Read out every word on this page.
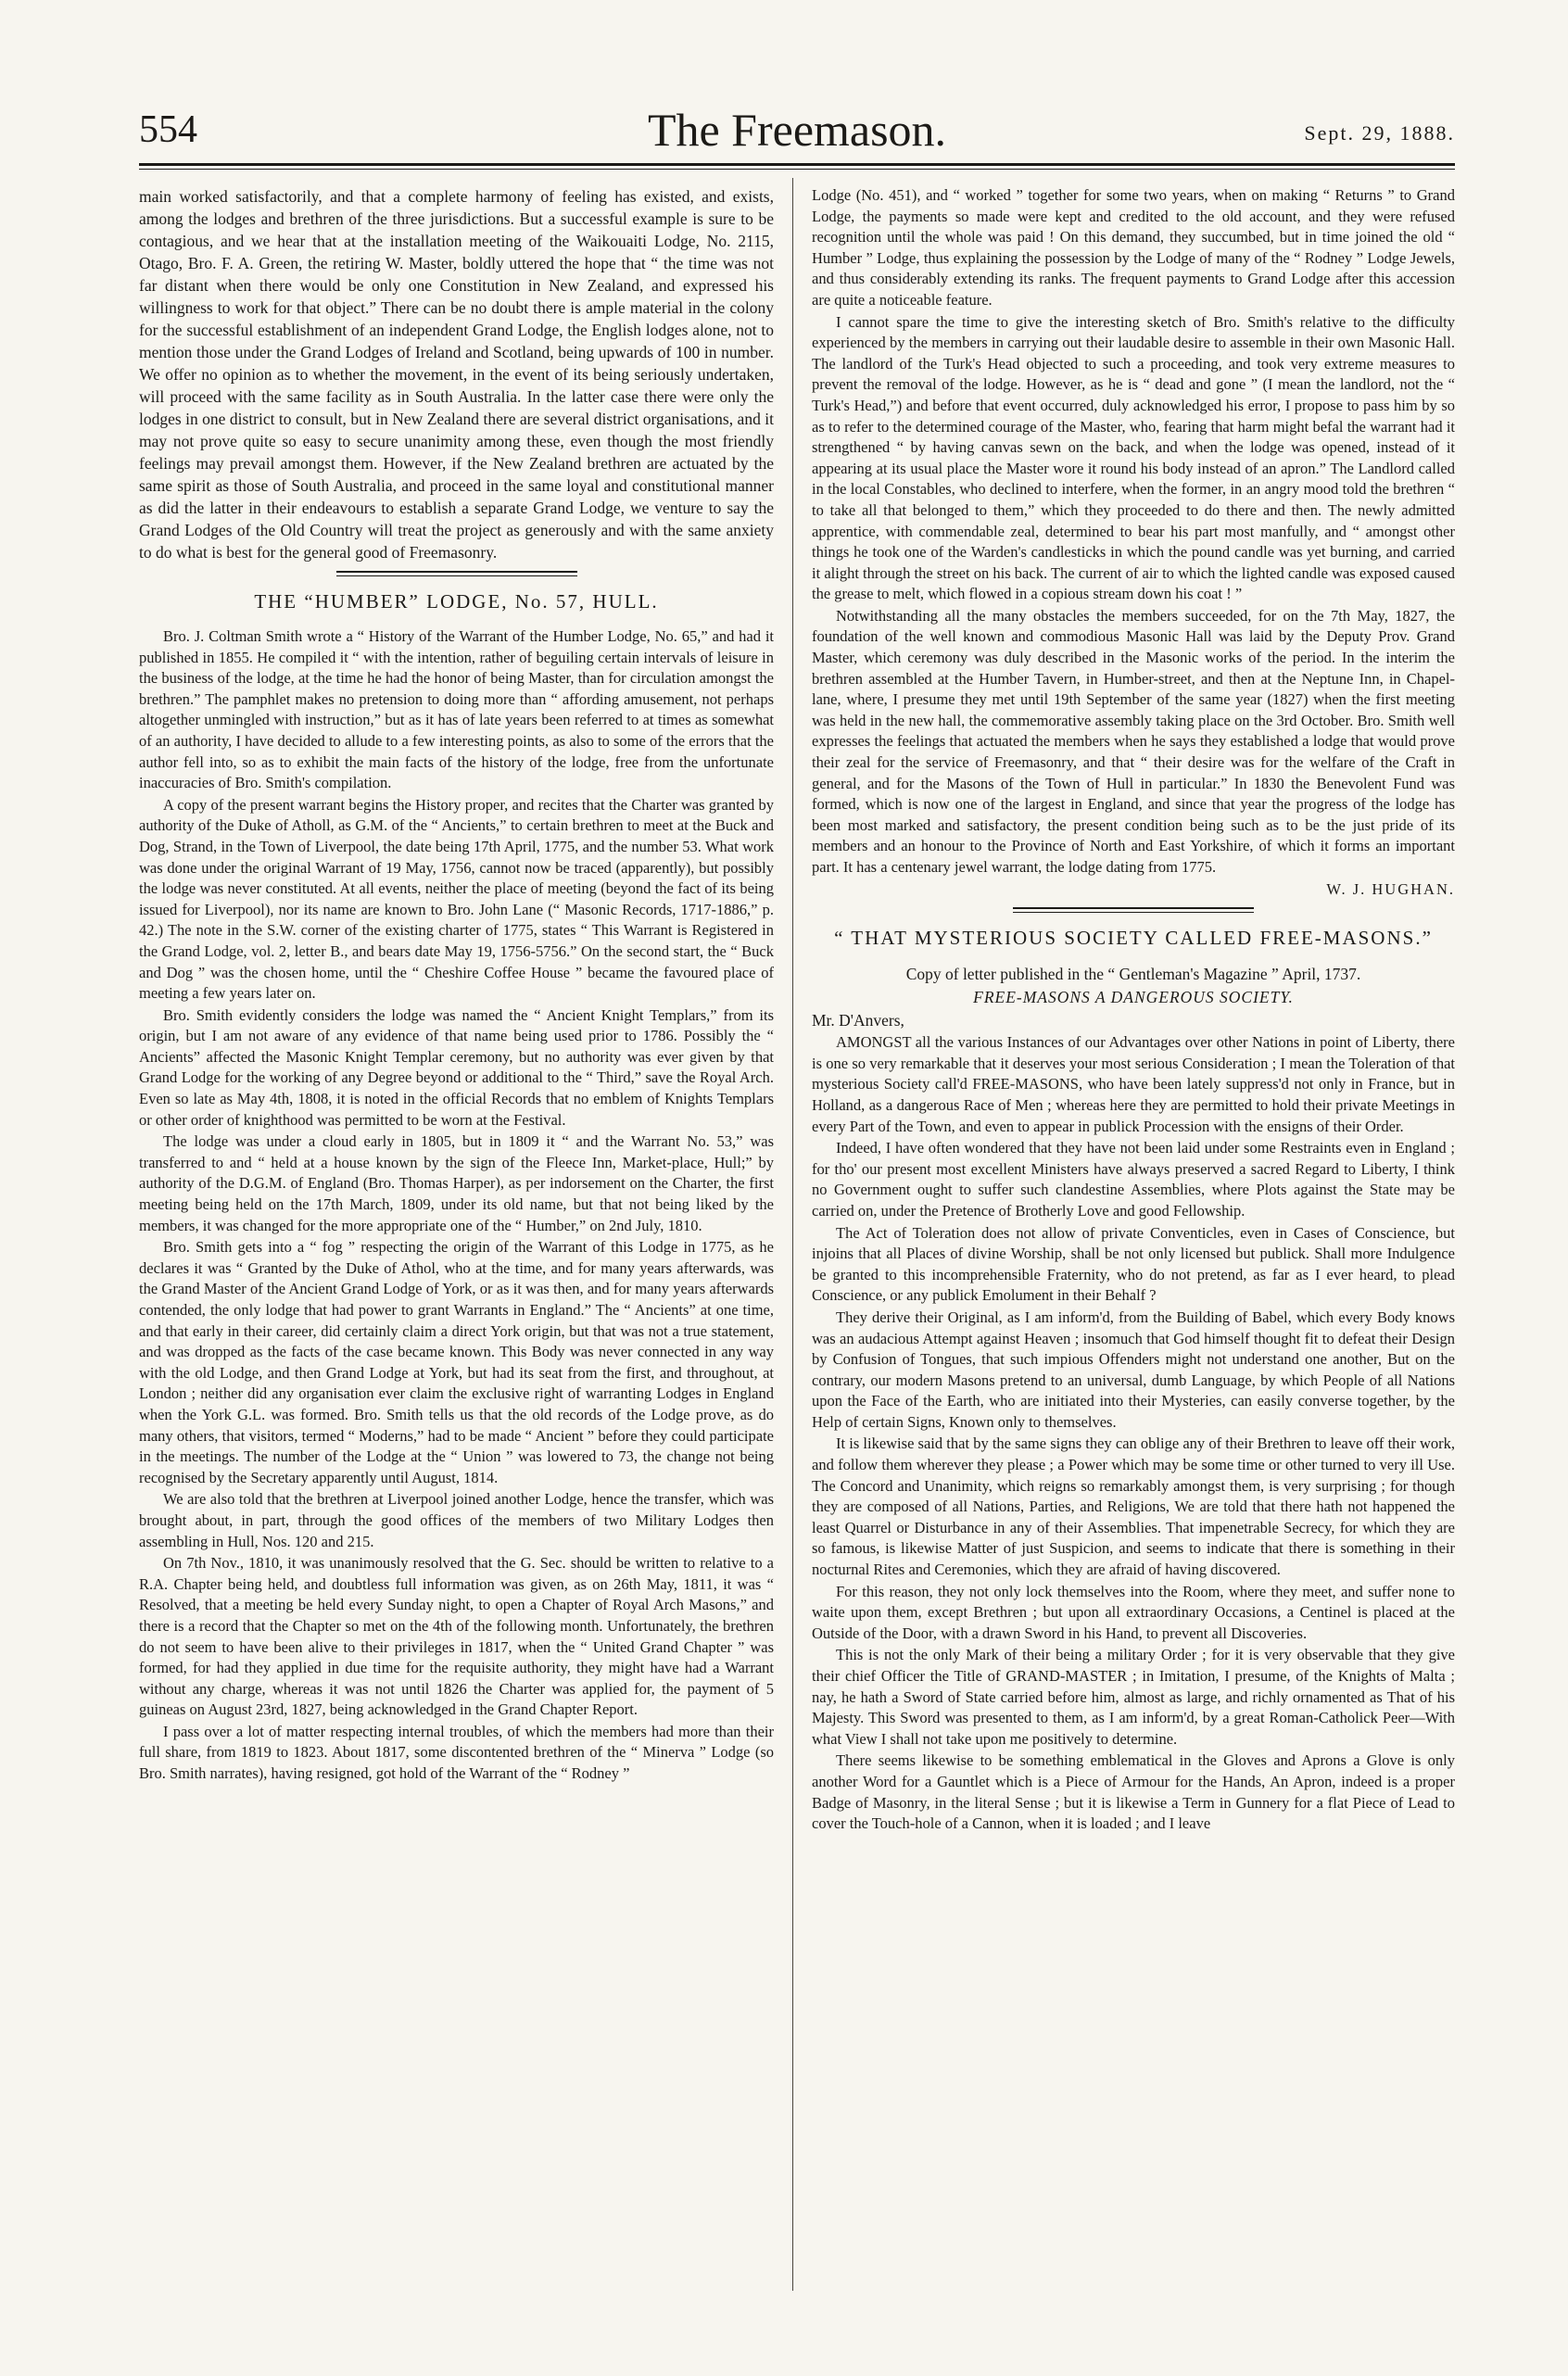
554	The Freemason.	Sept. 29, 1888.

main worked satisfactorily, and that a complete harmony of feeling has existed, and exists, among the lodges and brethren of the three jurisdictions. But a successful example is sure to be contagious, and we hear that at the installation meeting of the Waikouaiti Lodge, No. 2115, Otago, Bro. F. A. Green, the retiring W. Master, boldly uttered the hope that “ the time was not far distant when there would be only one Constitution in New Zealand, and expressed his willingness to work for that object.” There can be no doubt there is ample material in the colony for the successful establishment of an independent Grand Lodge, the English lodges alone, not to mention those under the Grand Lodges of Ireland and Scotland, being upwards of 100 in number. We offer no opinion as to whether the movement, in the event of its being seriously undertaken, will proceed with the same facility as in South Australia. In the latter case there were only the lodges in one district to consult, but in New Zealand there are several district organisations, and it may not prove quite so easy to secure unanimity among these, even though the most friendly feelings may prevail amongst them. However, if the New Zealand brethren are actuated by the same spirit as those of South Australia, and proceed in the same loyal and constitutional manner as did the latter in their endeavours to establish a separate Grand Lodge, we venture to say the Grand Lodges of the Old Country will treat the project as generously and with the same anxiety to do what is best for the general good of Freemasonry.

THE “HUMBER” LODGE, No. 57, HULL.

Bro. J. Coltman Smith wrote a “ History of the Warrant of the Humber Lodge, No. 65,” and had it published in 1855. He compiled it “ with the intention, rather of beguiling certain intervals of leisure in the business of the lodge, at the time he had the honor of being Master, than for circulation amongst the brethren.” The pamphlet makes no pretension to doing more than “ affording amusement, not perhaps altogether unmingled with instruction,” but as it has of late years been referred to at times as somewhat of an authority, I have decided to allude to a few interesting points, as also to some of the errors that the author fell into, so as to exhibit the main facts of the history of the lodge, free from the unfortunate inaccuracies of Bro. Smith's compilation.

A copy of the present warrant begins the History proper, and recites that the Charter was granted by authority of the Duke of Atholl, as G.M. of the “ Ancients,” to certain brethren to meet at the Buck and Dog, Strand, in the Town of Liverpool, the date being 17th April, 1775, and the number 53. What work was done under the original Warrant of 19 May, 1756, cannot now be traced (apparently), but possibly the lodge was never constituted. At all events, neither the place of meeting (beyond the fact of its being issued for Liverpool), nor its name are known to Bro. John Lane (“ Masonic Records, 1717-1886,” p. 42.) The note in the S.W. corner of the existing charter of 1775, states “ This Warrant is Registered in the Grand Lodge, vol. 2, letter B., and bears date May 19, 1756-5756.” On the second start, the “ Buck and Dog ” was the chosen home, until the “ Cheshire Coffee House ” became the favoured place of meeting a few years later on.

Bro. Smith evidently considers the lodge was named the “ Ancient Knight Templars,” from its origin, but I am not aware of any evidence of that name being used prior to 1786. Possibly the “ Ancients” affected the Masonic Knight Templar ceremony, but no authority was ever given by that Grand Lodge for the working of any Degree beyond or additional to the “ Third,” save the Royal Arch. Even so late as May 4th, 1808, it is noted in the official Records that no emblem of Knights Templars or other order of knighthood was permitted to be worn at the Festival.

The lodge was under a cloud early in 1805, but in 1809 it “ and the Warrant No. 53,” was transferred to and “ held at a house known by the sign of the Fleece Inn, Market-place, Hull;” by authority of the D.G.M. of England (Bro. Thomas Harper), as per indorsement on the Charter, the first meeting being held on the 17th March, 1809, under its old name, but that not being liked by the members, it was changed for the more appropriate one of the “ Humber,” on 2nd July, 1810.

Bro. Smith gets into a “ fog ” respecting the origin of the Warrant of this Lodge in 1775, as he declares it was “ Granted by the Duke of Athol, who at the time, and for many years afterwards, was the Grand Master of the Ancient Grand Lodge of York, or as it was then, and for many years afterwards contended, the only lodge that had power to grant Warrants in England.” The “ Ancients” at one time, and that early in their career, did certainly claim a direct York origin, but that was not a true statement, and was dropped as the facts of the case became known. This Body was never connected in any way with the old Lodge, and then Grand Lodge at York, but had its seat from the first, and throughout, at London ; neither did any organisation ever claim the exclusive right of warranting Lodges in England when the York G.L. was formed. Bro. Smith tells us that the old records of the Lodge prove, as do many others, that visitors, termed “ Moderns,” had to be made “ Ancient ” before they could participate in the meetings. The number of the Lodge at the “ Union ” was lowered to 73, the change not being recognised by the Secretary apparently until August, 1814.

We are also told that the brethren at Liverpool joined another Lodge, hence the transfer, which was brought about, in part, through the good offices of the members of two Military Lodges then assembling in Hull, Nos. 120 and 215.

On 7th Nov., 1810, it was unanimously resolved that the G. Sec. should be written to relative to a R.A. Chapter being held, and doubtless full information was given, as on 26th May, 1811, it was “ Resolved, that a meeting be held every Sunday night, to open a Chapter of Royal Arch Masons,” and there is a record that the Chapter so met on the 4th of the following month. Unfortunately, the brethren do not seem to have been alive to their privileges in 1817, when the “ United Grand Chapter ” was formed, for had they applied in due time for the requisite authority, they might have had a Warrant without any charge, whereas it was not until 1826 the Charter was applied for, the payment of 5 guineas on August 23rd, 1827, being acknowledged in the Grand Chapter Report.

I pass over a lot of matter respecting internal troubles, of which the members had more than their full share, from 1819 to 1823. About 1817, some discontented brethren of the “ Minerva ” Lodge (so Bro. Smith narrates), having resigned, got hold of the Warrant of the “ Rodney ”

Lodge (No. 451), and “ worked ” together for some two years, when on making “ Returns ” to Grand Lodge, the payments so made were kept and credited to the old account, and they were refused recognition until the whole was paid ! On this demand, they succumbed, but in time joined the old “ Humber ” Lodge, thus explaining the possession by the Lodge of many of the “ Rodney ” Lodge Jewels, and thus considerably extending its ranks. The frequent payments to Grand Lodge after this accession are quite a noticeable feature.

I cannot spare the time to give the interesting sketch of Bro. Smith's relative to the difficulty experienced by the members in carrying out their laudable desire to assemble in their own Masonic Hall. The landlord of the Turk's Head objected to such a proceeding, and took very extreme measures to prevent the removal of the lodge. However, as he is “ dead and gone ” (I mean the landlord, not the “ Turk's Head,”) and before that event occurred, duly acknowledged his error, I propose to pass him by so as to refer to the determined courage of the Master, who, fearing that harm might befal the warrant had it strengthened “ by having canvas sewn on the back, and when the lodge was opened, instead of it appearing at its usual place the Master wore it round his body instead of an apron.” The Landlord called in the local Constables, who declined to interfere, when the former, in an angry mood told the brethren “ to take all that belonged to them,” which they proceeded to do there and then. The newly admitted apprentice, with commendable zeal, determined to bear his part most manfully, and “ amongst other things he took one of the Warden's candlesticks in which the pound candle was yet burning, and carried it alight through the street on his back. The current of air to which the lighted candle was exposed caused the grease to melt, which flowed in a copious stream down his coat ! ”

Notwithstanding all the many obstacles the members succeeded, for on the 7th May, 1827, the foundation of the well known and commodious Masonic Hall was laid by the Deputy Prov. Grand Master, which ceremony was duly described in the Masonic works of the period. In the interim the brethren assembled at the Humber Tavern, in Humber-street, and then at the Neptune Inn, in Chapel-lane, where, I presume they met until 19th September of the same year (1827) when the first meeting was held in the new hall, the commemorative assembly taking place on the 3rd October. Bro. Smith well expresses the feelings that actuated the members when he says they established a lodge that would prove their zeal for the service of Freemasonry, and that “ their desire was for the welfare of the Craft in general, and for the Masons of the Town of Hull in particular.” In 1830 the Benevolent Fund was formed, which is now one of the largest in England, and since that year the progress of the lodge has been most marked and satisfactory, the present condition being such as to be the just pride of its members and an honour to the Province of North and East Yorkshire, of which it forms an important part. It has a centenary jewel warrant, the lodge dating from 1775.

W. J. HUGHAN.

“ THAT MYSTERIOUS SOCIETY CALLED FREE-MASONS.”

Copy of letter published in the “ Gentleman's Magazine ” April, 1737.

FREE-MASONS A DANGEROUS SOCIETY.

Mr. D'Anvers,

AMONGST all the various Instances of our Advantages over other Nations in point of Liberty, there is one so very remarkable that it deserves your most serious Consideration ; I mean the Toleration of that mysterious Society call'd FREE-MASONS, who have been lately suppress'd not only in France, but in Holland, as a dangerous Race of Men ; whereas here they are permitted to hold their private Meetings in every Part of the Town, and even to appear in publick Procession with the ensigns of their Order.

Indeed, I have often wondered that they have not been laid under some Restraints even in England ; for tho' our present most excellent Ministers have always preserved a sacred Regard to Liberty, I think no Government ought to suffer such clandestine Assemblies, where Plots against the State may be carried on, under the Pretence of Brotherly Love and good Fellowship.

The Act of Toleration does not allow of private Conventicles, even in Cases of Conscience, but injoins that all Places of divine Worship, shall be not only licensed but publick. Shall more Indulgence be granted to this incomprehensible Fraternity, who do not pretend, as far as I ever heard, to plead Conscience, or any publick Emolument in their Behalf ?

They derive their Original, as I am inform'd, from the Building of Babel, which every Body knows was an audacious Attempt against Heaven ; insomuch that God himself thought fit to defeat their Design by Confusion of Tongues, that such impious Offenders might not understand one another, But on the contrary, our modern Masons pretend to an universal, dumb Language, by which People of all Nations upon the Face of the Earth, who are initiated into their Mysteries, can easily converse together, by the Help of certain Signs, Known only to themselves.

It is likewise said that by the same signs they can oblige any of their Brethren to leave off their work, and follow them wherever they please ; a Power which may be some time or other turned to very ill Use. The Concord and Unanimity, which reigns so remarkably amongst them, is very surprising ; for though they are composed of all Nations, Parties, and Religions, We are told that there hath not happened the least Quarrel or Disturbance in any of their Assemblies. That impenetrable Secrecy, for which they are so famous, is likewise Matter of just Suspicion, and seems to indicate that there is something in their nocturnal Rites and Ceremonies, which they are afraid of having discovered.

For this reason, they not only lock themselves into the Room, where they meet, and suffer none to waite upon them, except Brethren ; but upon all extraordinary Occasions, a Centinel is placed at the Outside of the Door, with a drawn Sword in his Hand, to prevent all Discoveries.

This is not the only Mark of their being a military Order ; for it is very observable that they give their chief Officer the Title of GRAND-MASTER ; in Imitation, I presume, of the Knights of Malta ; nay, he hath a Sword of State carried before him, almost as large, and richly ornamented as That of his Majesty. This Sword was presented to them, as I am inform'd, by a great Roman-Catholick Peer—With what View I shall not take upon me positively to determine.

There seems likewise to be something emblematical in the Gloves and Aprons a Glove is only another Word for a Gauntlet which is a Piece of Armour for the Hands, An Apron, indeed is a proper Badge of Masonry, in the literal Sense ; but it is likewise a Term in Gunnery for a flat Piece of Lead to cover the Touch-hole of a Cannon, when it is loaded ; and I leave
